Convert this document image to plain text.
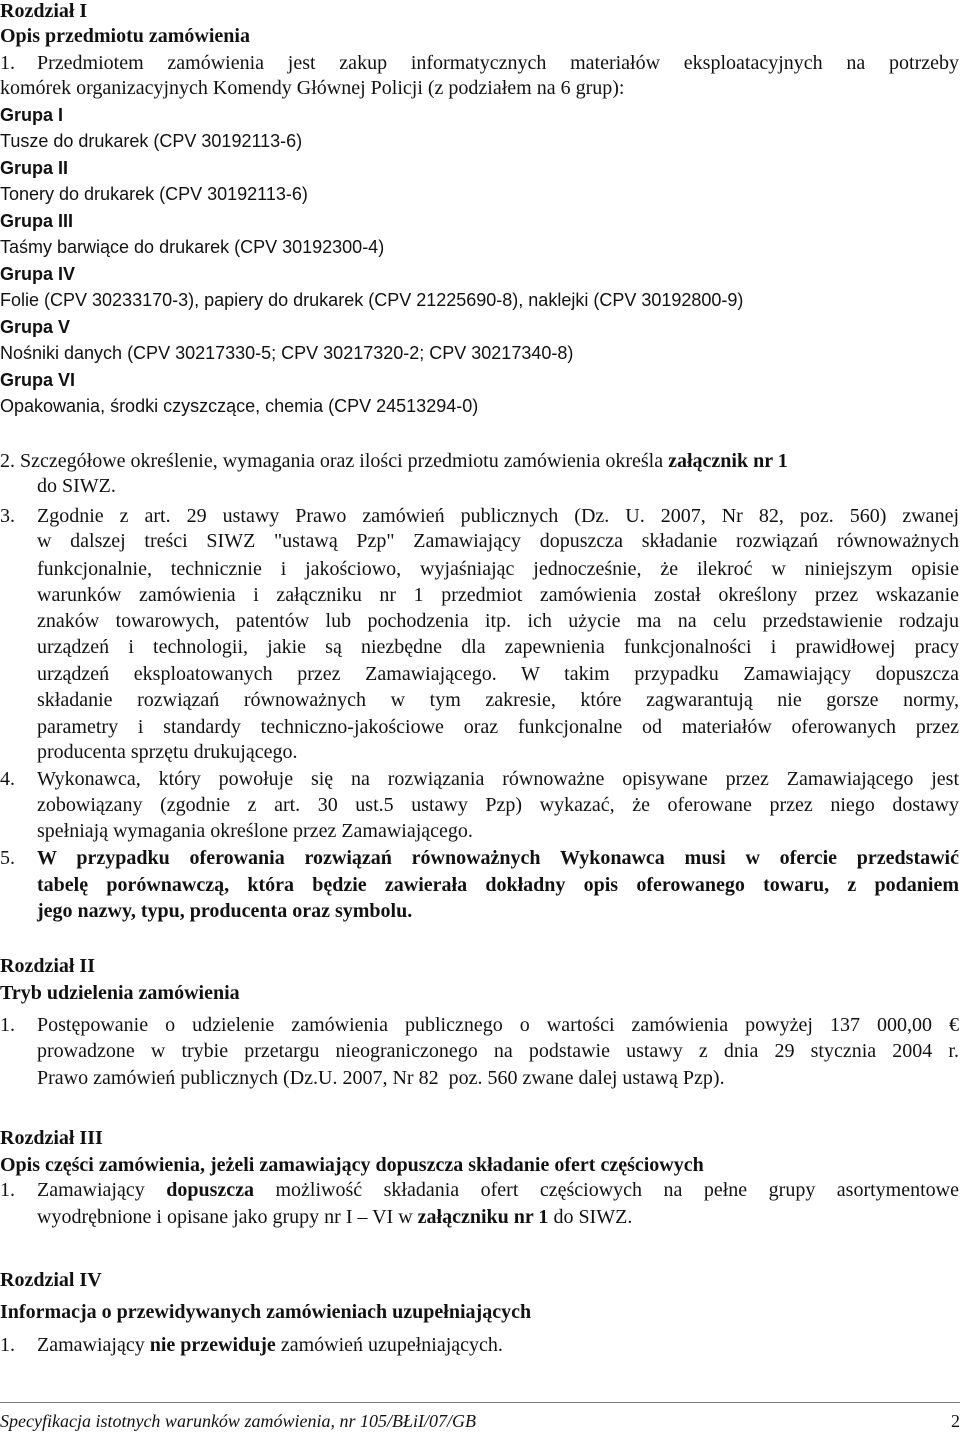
Rozdział I

Opis przedmiotu zamówienia

1. Przedmiotem zamówienia jest zakup informatycznych materiałów eksploatacyjnych na potrzeby
komórek organizacyjnych Komendy Głównej Policji (z podziałem na 6 grup):

Grupa I

Tusze do drukarek (CPV 30192113-6)

Grupa II

Tonery do drukarek (CPV 30192113-6)

Grupa III

Taśmy barwiące do drukarek (CPV 30192300-4)

Grupa IV

Folie (CPV 30233170-3), papiery do drukarek (CPV 21225690-8), naklejki (CPV 30192800-9)

Grupa V

Nośniki danych (CPV 30217330-5; CPV 30217320-2; CPV 30217340-8)

Grupa VI

Opakowania, środki czyszczące, chemia (CPV 24513294-0)

2. Szczegółowe określenie, wymagania oraz ilości przedmiotu zamówienia określa załącznik nr 1
do SIWZ.
3. Zgodnie z art. 29 ustawy Prawo zamówień publicznych (Dz. U. 2007, Nr 82, poz. 560) zwanej
w dalszej treści SIWZ "ustawą Pzp" Zamawiający dopuszcza składanie rozwiązań równoważnych
funkcjonalnie, technicznie i jakościowo, wyjaśniając jednocześnie, że ilekroć w niniejszym opisie
warunków zamówienia i załączniku nr 1 przedmiot zamówienia został określony przez wskazanie
znaków towarowych, patentów lub pochodzenia itp. ich użycie ma na celu przedstawienie rodzaju
urządzeń i technologii, jakie są niezbędne dla zapewnienia funkcjonalności i prawidłowej pracy
urządzeń eksploatowanych przez Zamawiającego. W takim przypadku Zamawiający dopuszcza
składanie rozwiązań równoważnych w tym zakresie, które zagwarantują nie gorsze normy,
parametry i standardy techniczno-jakościowe oraz funkcjonalne od materiałów oferowanych przez
producenta sprzętu drukującego.
4. Wykonawca, który powołuje się na rozwiązania równoważne opisywane przez Zamawiającego jest
zobowiązany (zgodnie z art. 30 ust.5 ustawy Pzp) wykazać, że oferowane przez niego dostawy
spełniają wymagania określone przez Zamawiającego.
5. W przypadku oferowania rozwiązań równoważnych Wykonawca musi w ofercie przedstawić
tabelę porównawczą, która będzie zawierała dokładny opis oferowanego towaru, z podaniem
jego nazwy, typu, producenta oraz symbolu.

Rozdział II

Tryb udzielenia zamówienia

1. Postępowanie o udzielenie zamówienia publicznego o wartości zamówienia powyżej 137 000,00 €
prowadzone w trybie przetargu nieograniczonego na podstawie ustawy z dnia 29 stycznia 2004 r.
Prawo zamówień publicznych (Dz.U. 2007, Nr 82  poz. 560 zwane dalej ustawą Pzp).

Rozdział III

Opis części zamówienia, jeżeli zamawiający dopuszcza składanie ofert częściowych

1. Zamawiający dopuszcza możliwość składania ofert częściowych na pełne grupy asortymentowe
wyodrębnione i opisane jako grupy nr I – VI w załączniku nr 1 do SIWZ.

Rozdzial IV

Informacja o przewidywanych zamówieniach uzupełniających

1. Zamawiający nie przewiduje zamówień uzupełniających.
Specyfikacja istotnych warunków zamówienia, nr 105/BŁiI/07/GB	2
